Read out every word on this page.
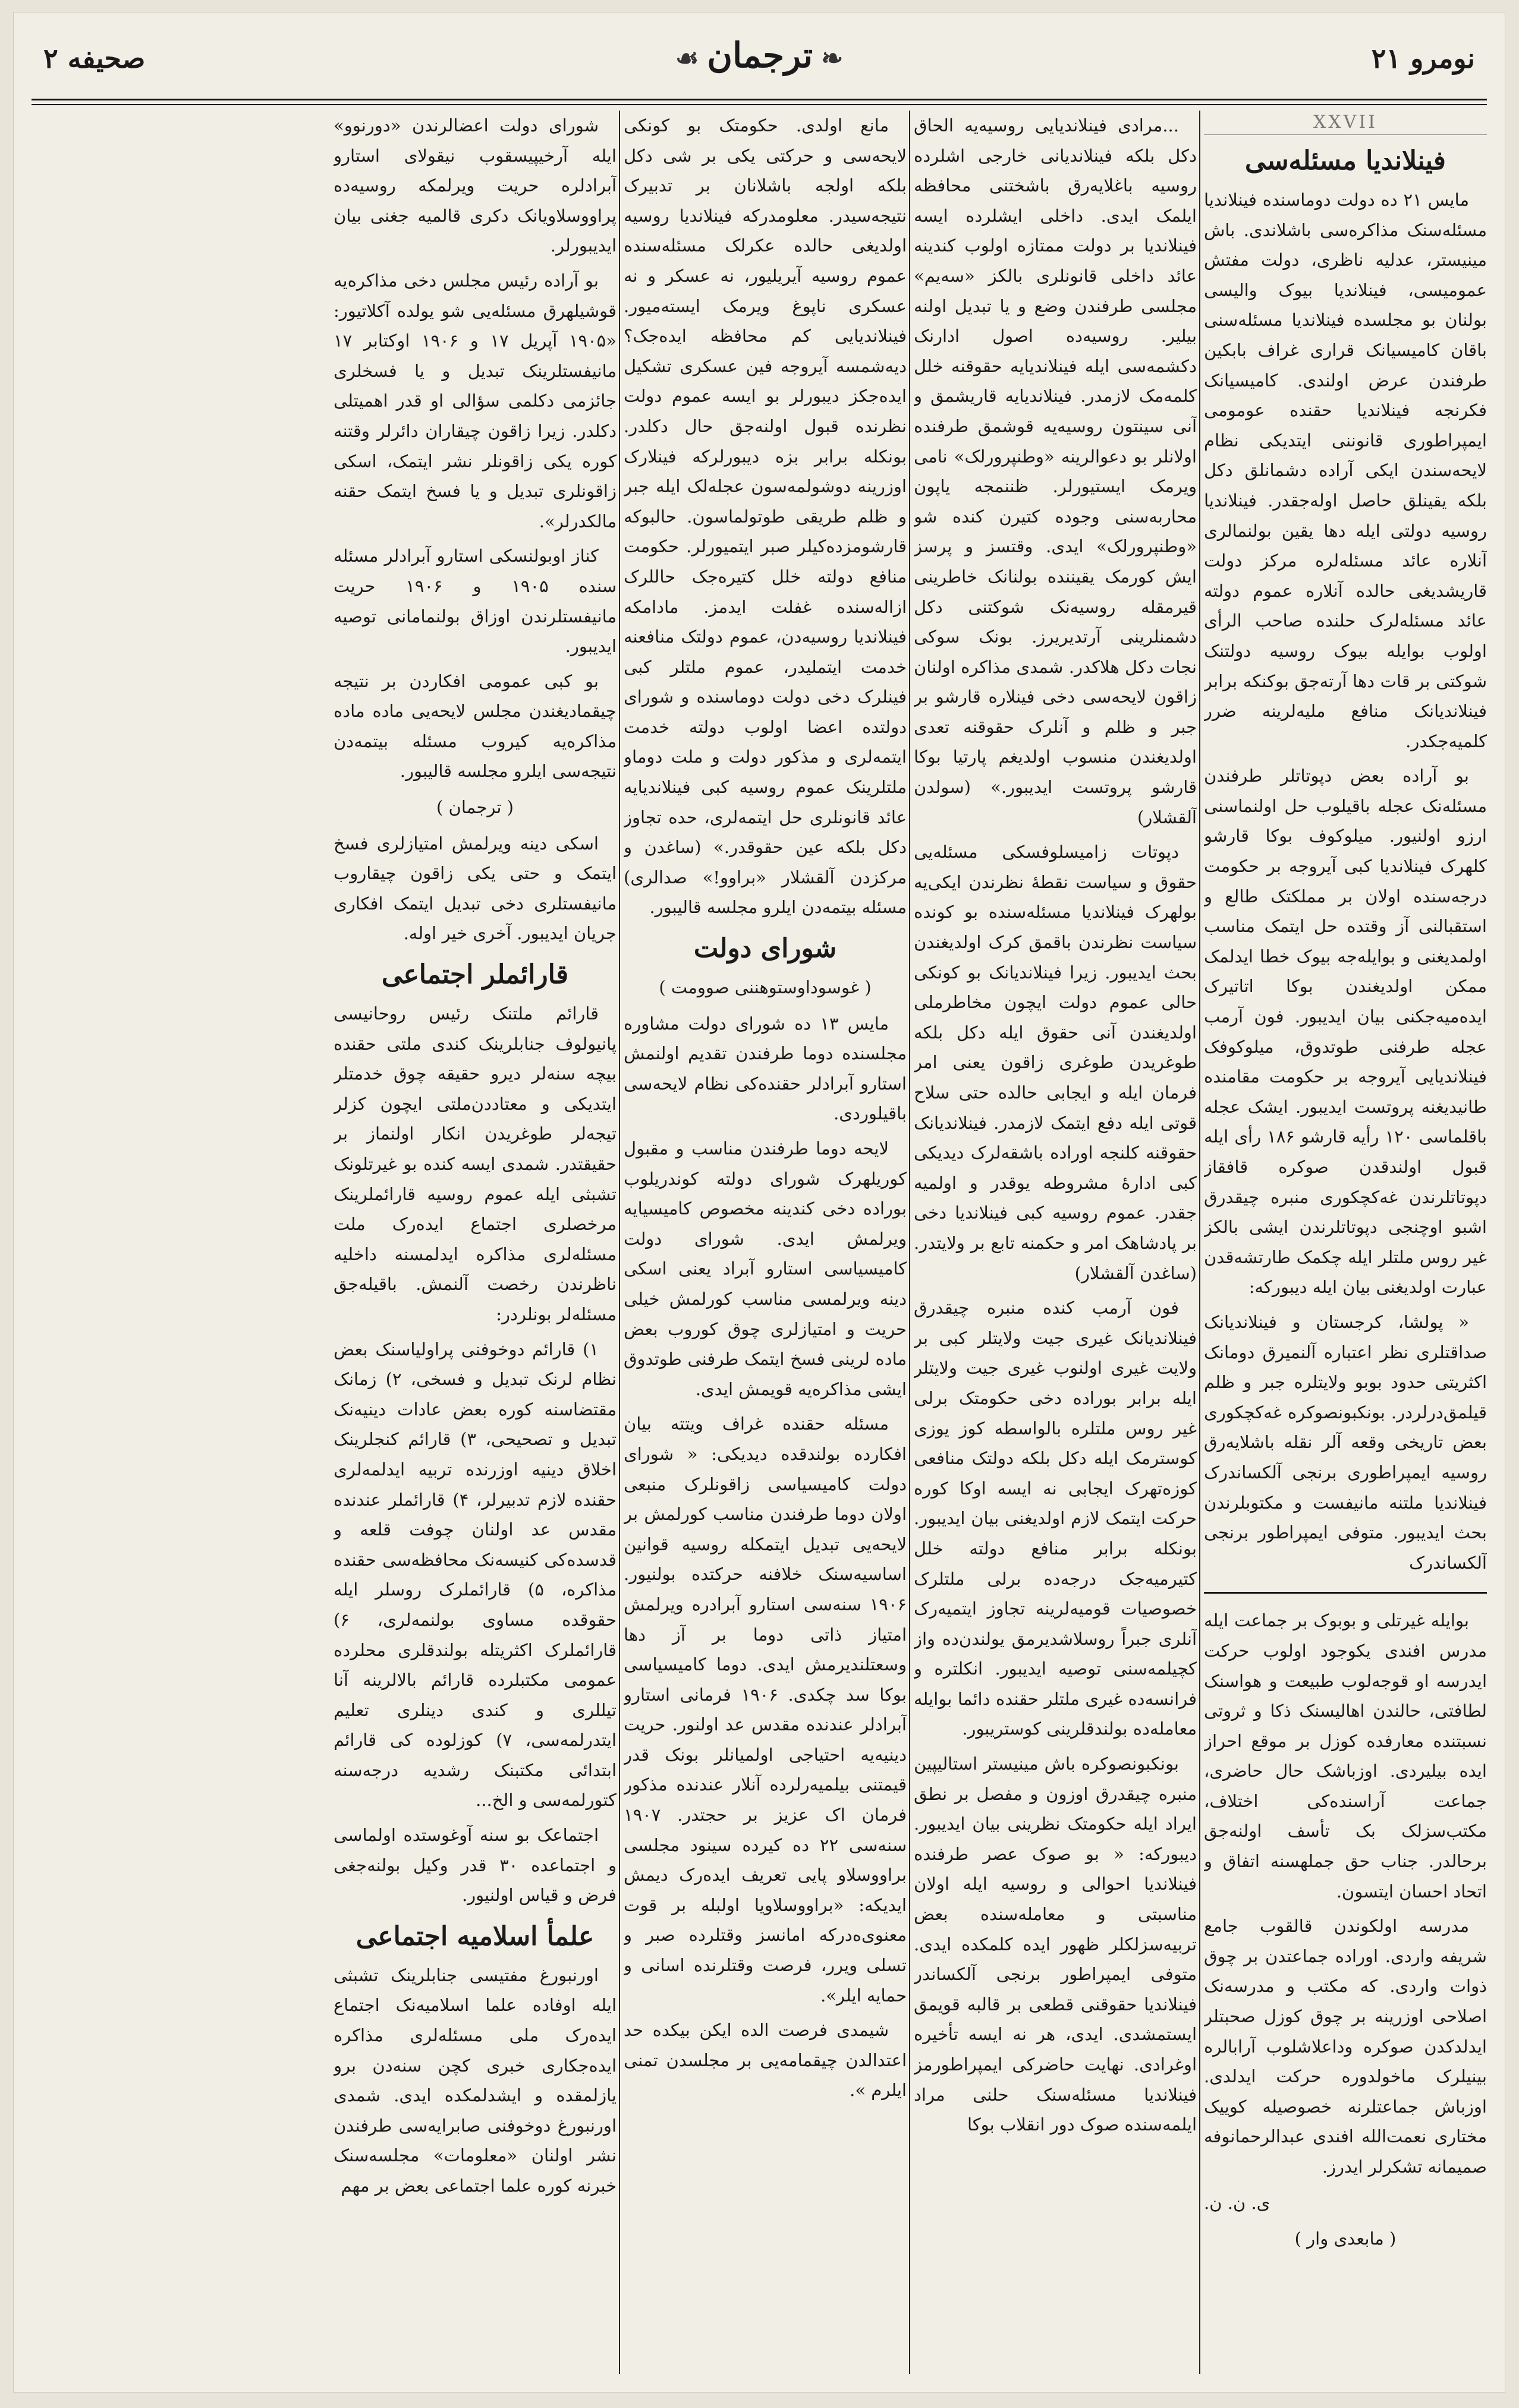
نومرو ۲۱
❧ترجمان☙
صحیفه ۲
XXVII
فینلاندیا مسئله‌سی

مایس ۲۱ ده دولت دوماسنده فینلاندیا مسئله‌سنک مذاکره‌سی باشلاندی. باش مینیستر، عدلیه ناظری، دولت مفتش عمومیسی، فینلاندیا بیوک والیسی بولنان بو مجلسده فینلاندیا مسئله‌سنی باقان کامیسیانک قراری غراف بابکین طرفندن عرض اولندی. کامیسیانک فکرنجه فینلاندیا حقنده عومومی ایمپراطوری قانوننی ایتدیکی نظام لایحه‌سندن ایکی آراده دشمانلق دکل بلکه یقینلق حاصل اوله‌جقدر. فینلاندیا روسیه دولتی ایله دها یقین بولنمالری آنلاره عائد مسئله‌لره مرکز دولت قاریشدیغی حالده آنلاره عموم دولته عائد مسئله‌لرک حلنده صاحب الرأی اولوب بوایله بیوک روسیه دولتنک شوکتی بر قات دها آرته‌جق بوکنکه برابر فینلاندیانک منافع ملیه‌لرینه ضرر کلمیه‌جکدر.

بو آراده بعض دپوتاتلر طرفندن مسئله‌نک عجله باقیلوب حل اولنماسنی ارزو اولنیور. میلوکوف بوکا قارشو کلهرک فینلاندیا کبی آیروجه بر حکومت درجه‌سنده اولان بر مملکتک طالع و استقبالنی آز وقتده حل ایتمک مناسب اولمدیغنی و بوایله‌جه بیوک خطا ایدلمک ممکن اولدیغندن بوکا اتاتیرک ایده‌میه‌جکنی بیان ایدیبور. فون آرمب عجله طرفنی طوتدوق، میلوکوفک فینلاندیایی آیروجه بر حکومت مقامنده طانیدیغنه پروتست ایدیبور. ایشک عجله باقلماسی ۱۲۰ رأیه قارشو ۱۸۶ رأی ایله قبول اولندقدن صوکره قافقاز دپوتاتلرندن غه‌کچکوری منبره چیقدرق اشبو اوچنجی دپوتاتلرندن ایشی بالکز غیر روس ملتلر ایله چکمک طارتشه‌قدن عبارت اولدیغنی بیان ایله دیبورکه:

« پولشا، کرجستان و فینلاندیانک صداقتلری نظر اعتباره آلنمیرق دومانک اکثریتی حدود بوبو ولایتلره جبر و ظلم قیلمق‌درلردر. بونکبونصوکره غه‌کچکوری بعض تاریخی وقعه آلر نقله باشلایه‌رق روسیه ایمپراطوری برنجی آلکساندرک فینلاندیا ملتنه مانیفست و مکتوبلرندن بحث ایدیبور. متوفی ایمپراطور برنجی آلکساندرک

بوایله غیرتلی و بوبوک بر جماعت ایله مدرس افندی یکوجود اولوب حرکت ایدرسه او قوجه‌لوب طبیعت و هواسنک لطافتی، حالندن اهالیسنک ذکا و ثروتی نسبتنده معارفده کوزل بر موقع احراز ایده بیلیردی. اوزباشک حال حاضری، جماعت آراسنده‌کی اختلاف، مکتب‌سزلک بک تأسف اولنه‌جق برحالدر. جناب حق جملهسنه اتفاق و اتحاد احسان ایتسون.

مدرسه اولکوندن قالقوب جامع شریفه واردی. اوراده جماعتدن بر چوق ذوات واردی. که مکتب و مدرسه‌نک اصلاحی اوزرینه بر چوق کوزل صحبتلر ایدلدکدن صوکره وداعلاشلوب آرابالره بینیلرک ماخولدوره حرکت ایدلدی. اوزباش جماعتلرنه خصوصیله کوییک مختاری نعمت‌الله افندی عبدالرحمانوفه صمیمانه تشکرلر ایدرز.

ی. ن. ن.

( مابعدی وار )

...مرادی فینلاندیایی روسیه‌یه الحاق دکل بلکه فینلاندیانی خارجی اشلرده روسیه باغلایه‌رق باشختنی محافظه ایلمک ایدی. داخلی ایشلرده ایسه فینلاندیا بر دولت ممتازه اولوب کندینه عائد داخلی قانونلری بالکز «سه‌یم» مجلسی طرفندن وضع و یا تبدیل اولنه بیلیر. روسیه‌ده اصول ادارنک دکشمه‌سی ایله فینلاندیایه حقوقنه خلل کلمه‌مک لازمدر. فینلاندیایه قاریشمق و آنی سینتون روسیه‌یه قوشمق طرفنده اولانلر بو دعوالرینه «وطنپرورلک» نامی ویرمک ایستیورلر. ظننمجه یاپون محاربه‌سنی وجوده کتیرن کنده شو «وطنپرورلک» ایدی. وقتسز و پرسز ایش کورمک یقیننده بولنانک خاطرینی قیرمقله روسیه‌نک شوکتنی دکل دشمنلرینی آرتدیریرز. بونک سوکی نجات دکل هلاکدر. شمدی مذاکره اولنان زاقون لایحه‌سی دخی فینلاره قارشو بر جبر و ظلم و آنلرک حقوقنه تعدی اولدیغندن منسوب اولدیغم پارتیا بوکا قارشو پروتست ایدیبور.» (سولدن آلقشلار)

دپوتات زامیسلوفسکی مسئله‌یی حقوق و سیاست نقطهٔ نظرندن ایکی‌یه بولهرک فینلاندیا مسئله‌سنده بو کونده سیاست نظرندن باقمق کرک اولدیغندن بحث ایدیبور. زیرا فینلاندیانک بو کونکی حالی عموم دولت ایچون مخاطرملی اولدیغندن آنی حقوق ایله دکل بلکه طوغریدن طوغری زاقون یعنی امر فرمان ایله و ایجابی حالده حتی سلاح قوتی ایله دفع ایتمک لازمدر. فینلاندیانک حقوقنه کلنجه اوراده باشقه‌لرک دیدیکی کبی ادارهٔ مشروطه یوقدر و اولمیه جقدر. عموم روسیه کبی فینلاندیا دخی بر پادشاهک امر و حکمنه تابع بر ولایتدر. (ساغدن آلقشلار)

فون آرمب کنده منبره چیقدرق فینلاندیانک غیری جیت ولایتلر کبی بر ولایت غیری اولنوب غیری جیت ولایتلر ایله برابر بوراده دخی حکومتک برلی غیر روس ملتلره بالواسطه کوز یوزی کوسترمک ایله دکل بلکه دولتک منافعی کوزه‌تهرک ایجابی نه ایسه اوکا کوره حرکت ایتمک لازم اولدیغنی بیان ایدیبور. بونکله برابر منافع دولته خلل کتیرمیه‌جک درجه‌ده برلی ملتلرک خصوصیات قومیه‌لرینه تجاوز ایتمیه‌رک آنلری جبراً روسلاشدیرمق یولندن‌ده واز کچیلمه‌سنی توصیه ایدیبور. انکلتره و فرانسه‌ده غیری ملتلر حقنده دائما بوایله معامله‌ده بولندقلرینی کوستریبور.

بونکبونصوکره باش مینیستر استالیپین منبره چیقدرق اوزون و مفصل بر نطق ایراد ایله حکومتک نظرینی بیان ایدیبور. دیبورکه: « بو صوک عصر طرفنده فینلاندیا احوالی و روسیه ایله اولان مناسبتی و معامله‌سنده بعض تربیه‌سزلکلر ظهور ایده کلمکده ایدی. متوفی ایمپراطور برنجی آلکساندر فینلاندیا حقوقنی قطعی بر قالبه قویمق ایستمشدی. ایدی، هر نه ایسه تأخیره اوغرادی. نهایت حاضرکی ایمپراطورمز فینلاندیا مسئله‌سنک حلنی مراد ایلمه‌سنده صوک دور انقلاب بوکا

مانع اولدی. حکومتک بو کونکی لایحه‌سی و حرکتی یکی بر شی دکل بلکه اولجه باشلانان بر تدبیرک نتیجه‌سیدر. معلومدرکه فینلاندیا روسیه اولدیغی حالده عکرلک مسئله‌سنده عموم روسیه آیریلیور، نه عسکر و نه عسکری ناپوغ ویرمک ایسته‌میور. فینلاندیایی کم محافظه ایده‌جک؟ دیه‌شمسه آیروجه فین عسکری تشکیل ایده‌جکز دیبورلر بو ایسه عموم دولت نظرنده قبول اولنه‌جق حال دکلدر. بونکله برابر بزه دیبورلرکه فینلارک اوزرینه دوشولمه‌سون عجله‌لک ایله جبر و ظلم طریقی طوتولماسون. حالبوکه قارشومزده‌کیلر صبر ایتمیورلر. حکومت منافع دولته خلل کتیره‌جک حاللرک ازاله‌سنده غفلت ایدمز. مادامکه فینلاندیا روسیه‌دن، عموم دولتک منافعنه خدمت ایتملیدر، عموم ملتلر کبی فینلرک دخی دولت دوماسنده و شورای دولتده اعضا اولوب دولته خدمت ایتمه‌لری و مذکور دولت و ملت دوماو ملتلرینک عموم روسیه کبی فینلاندیایه عائد قانونلری حل ایتمه‌لری، حده تجاوز دکل بلکه عین حقوقدر.» (ساغدن و مرکزدن آلقشلار «براوو!» صدالری) مسئله بیتمه‌دن ایلرو مجلسه قالیبور.

شورای دولت

( غوسوداوستوهننی صوومت )

مایس ۱۳ ده شورای دولت مشاوره مجلسنده دوما طرفندن تقدیم اولنمش استارو آبرادلر حقنده‌کی نظام لایحه‌سی باقیلوردی.

لایحه دوما طرفندن مناسب و مقبول کوریلهرک شورای دولته کوندریلوب بوراده دخی کندینه مخصوص کامیسیایه ویرلمش ایدی. شورای دولت کامیسیاسی استارو آبراد یعنی اسکی دینه ویرلمسی مناسب کورلمش خیلی حریت و امتیازلری چوق کوروب بعض ماده لرینی فسخ ایتمک طرفنی طوتدوق ایشی مذاکره‌یه قویمش ایدی.

مسئله حقنده غراف ویتته بیان افکارده بولندقده دیدیکی: « شورای دولت کامیسیاسی زاقونلرک منبعی اولان دوما طرفندن مناسب کورلمش بر لایحه‌یی تبدیل ایتمکله روسیه قوانین اساسیه‌سنک خلافنه حرکتده بولنیور. ۱۹۰۶ سنه‌سی استارو آبرادره ویرلمش امتیاز ذاتی دوما بر آز دها وسعتلندیرمش ایدی. دوما کامیسیاسی بوکا سد چکدی. ۱۹۰۶ فرمانی استارو آبرادلر عندنده مقدس عد اولنور. حریت دینیه‌یه احتیاجی اولمیانلر بونک قدر قیمتنی بیلمیه‌رلرده آنلار عندنده مذکور فرمان اک عزیز بر حجتدر. ۱۹۰۷ سنه‌سی ۲۲ ده کیرده سینود مجلسی براووسلاو پایی تعریف ایده‌رک دیمش ایدیکه: «براووسلاویا اولبله بر قوت معنوی‌ه‌درکه امانسز وقتلرده صبر و تسلی ویرر، فرصت وقتلرنده اسانی و حمایه ایلر».

شیمدی فرصت الده ایکن بیکده حد اعتدالدن چیقمامه‌یی بر مجلسدن تمنی ایلرم ».

شورای دولت اعضالرندن «دورنوو» ایله آرخیپیسقوب نیقولای استارو آبرادلره حریت ویرلمکه روسیه‌ده پراووسلاویانک دکری قالمیه جغنی بیان ایدیبورلر.

بو آراده رئیس مجلس دخی مذاکره‌یه قوشیلهرق مسئله‌یی شو یولده آکلاتیور: «۱۹۰۵ آپریل ۱۷ و ۱۹۰۶ اوکتابر ۱۷ مانیفستلرینک تبدیل و یا فسخلری جائزمی دکلمی سؤالی او قدر اهمیتلی دکلدر. زیرا زاقون چیقاران دائرلر وقتنه کوره یکی زاقونلر نشر ایتمک، اسکی زاقونلری تبدیل و یا فسخ ایتمک حقنه مالکدرلر».

کناز اوبولنسکی استارو آبرادلر مسئله سنده ۱۹۰۵ و ۱۹۰۶ حریت مانیفستلرندن اوزاق بولنمامانی توصیه ایدیبور.

بو کبی عمومی افکاردن بر نتیجه چیقمادیغندن مجلس لایحه‌یی ماده ماده مذاکره‌یه کیروب مسئله بیتمه‌دن نتیجه‌سی ایلرو مجلسه قالیبور.

( ترجمان )

اسکی دینه ویرلمش امتیازلری فسخ ایتمک و حتی یکی زاقون چیقاروب مانیفستلری دخی تبدیل ایتمک افکاری جریان ایدیبور. آخری خیر اوله.

قارائملر اجتماعی

قارائم ملتنک رئیس روحانیسی پانیولوف جنابلرینک کندی ملتی حقنده بیچه سنه‌لر دیرو حقیقه چوق خدمتلر ایتدیکی و معتاددن‌ملتی ایچون کزلر تیجه‌لر طوغریدن انکار اولنماز بر حقیقتدر. شمدی ایسه کنده بو غیرتلونک تشبثی ایله عموم روسیه قارائملرینک مرخصلری اجتماع ایده‌رک ملت مسئله‌لری مذاکره ایدلمسنه داخلیه ناظرندن رخصت آلنمش. باقیله‌جق مسئله‌لر بونلردر:

۱) قارائم دوخوفنی پراولیاسنک بعض نظام لرنک تبدیل و فسخی، ۲) زمانک مقتضاسنه کوره بعض عادات دینیه‌نک تبدیل و تصحیحی، ۳) قارائم کنجلرینک اخلاق دینیه اوزرنده تربیه ایدلمه‌لری حقنده لازم تدبیرلر، ۴) قارائملر عندنده مقدس عد اولنان چوفت قلعه و قدسده‌کی کنیسه‌نک محافظه‌سی حقنده مذاکره، ۵) قارائملرک روسلر ایله حقوقده مساوی بولنمه‌لری، ۶) قارائملرک اکثریتله بولندقلری محلرده عمومی مکتبلرده قارائم بالالرینه آنا تیللری و کندی دینلری تعلیم ایتدرلمه‌سی، ۷) کوزلوده کی قارائم ابتدائی مکتبنک رشدیه درجه‌سنه کتورلمه‌سی و الخ...

اجتماعک بو سنه آوغوستده اولماسی و اجتماعده ۳۰ قدر وکیل بولنه‌جغی فرض و قیاس اولنیور.

علمأ اسلامیه اجتماعی

اورنبورغ مفتیسی جنابلرینک تشبثی ایله اوفاده علما اسلامیه‌نک اجتماع ایده‌رک ملی مسئله‌لری مذاکره ایده‌جکاری خبری کچن سنه‌دن برو یازلمقده و ایشدلمکده ایدی. شمدی اورنبورغ دوخوفنی صابرایه‌سی طرفندن نشر اولنان «معلومات» مجلسه‌سنک خبرنه کوره علما اجتماعی بعض بر مهم
